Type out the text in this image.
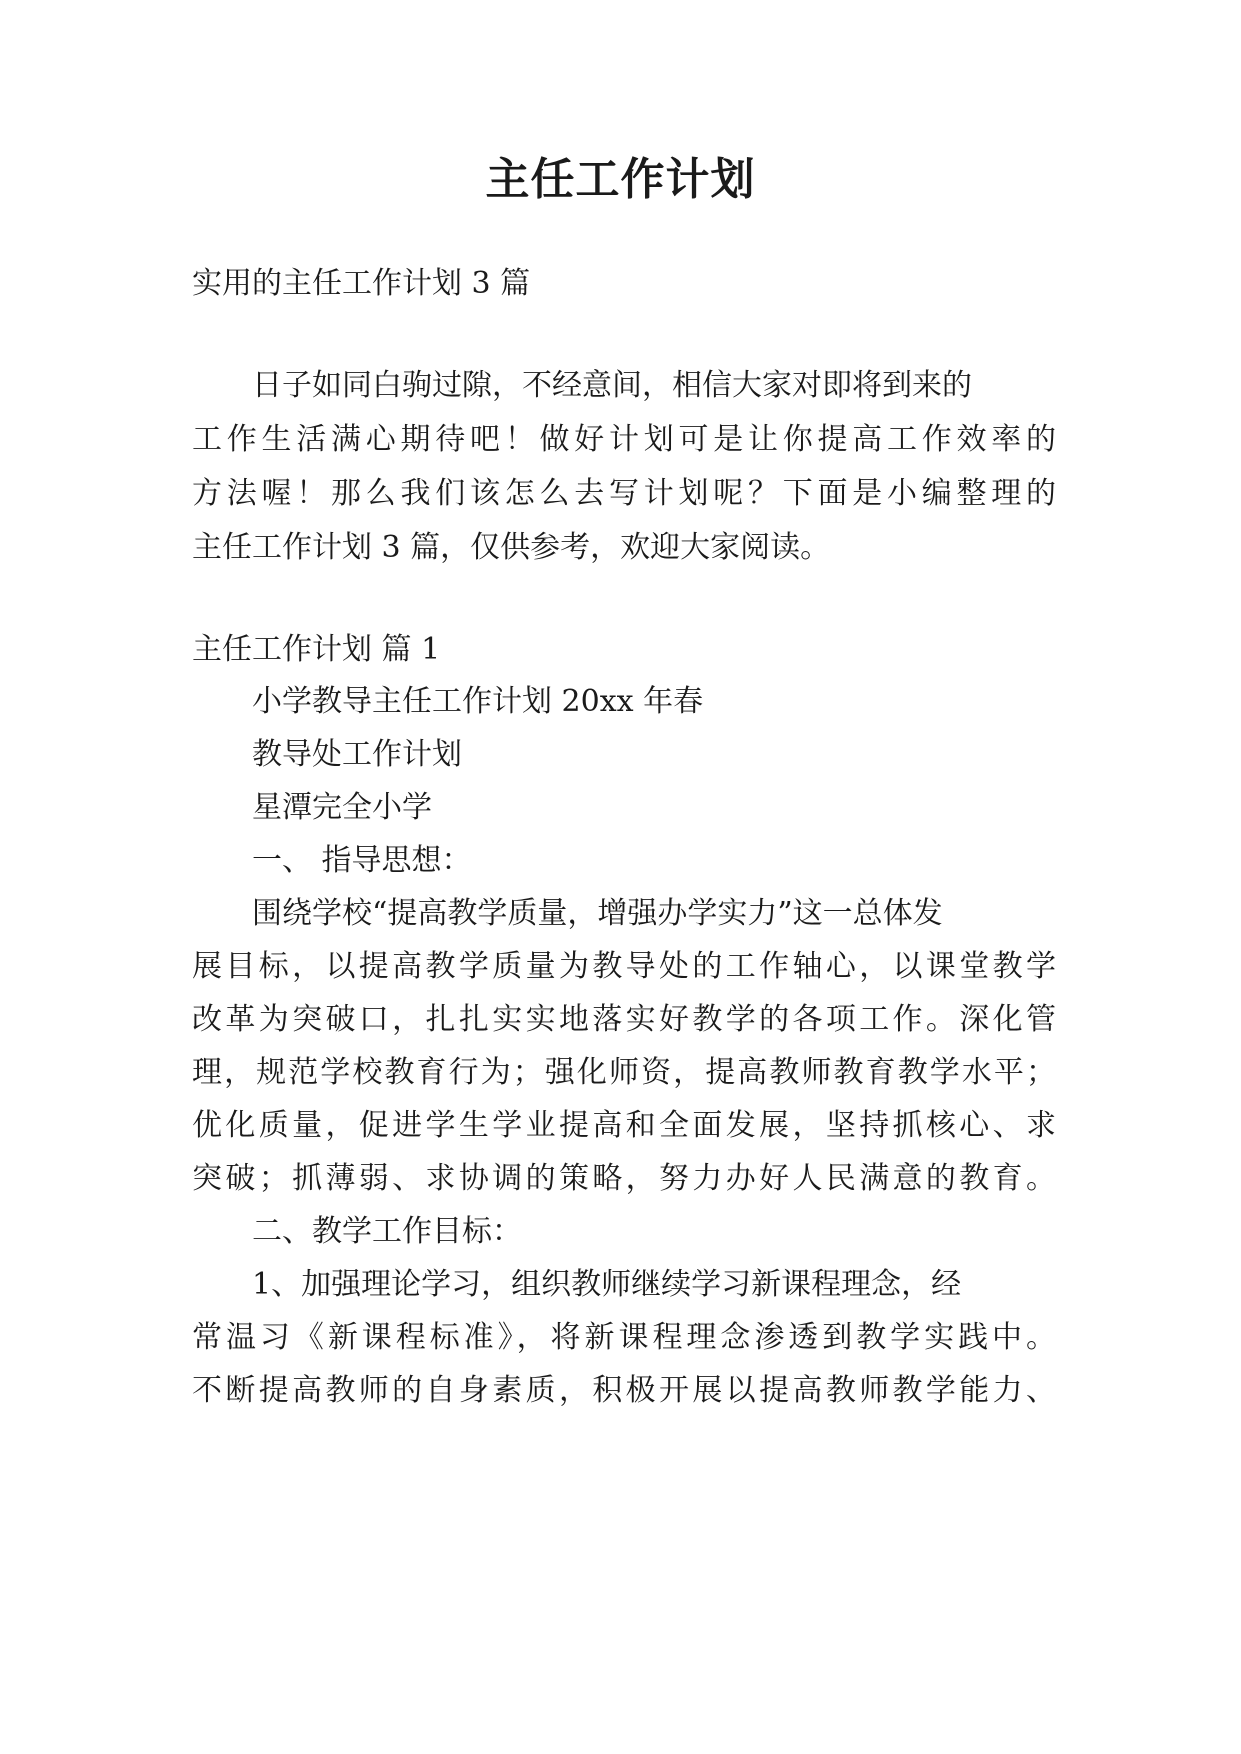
主任工作计划
实用的主任工作计划 3 篇
日子如同白驹过隙，不经意间，相信大家对即将到来的
工作生活满心期待吧！做好计划可是让你提高工作效率的
方法喔！那么我们该怎么去写计划呢？下面是小编整理的
主任工作计划 3 篇，仅供参考，欢迎大家阅读。
主任工作计划 篇 1
小学教导主任工作计划 20xx 年春
教导处工作计划
星潭完全小学
一、 指导思想：
围绕学校“提高教学质量，增强办学实力”这一总体发
展目标，以提高教学质量为教导处的工作轴心，以课堂教学
改革为突破口，扎扎实实地落实好教学的各项工作。深化管
理，规范学校教育行为；强化师资，提高教师教育教学水平；
优化质量，促进学生学业提高和全面发展，坚持抓核心、求
突破；抓薄弱、求协调的策略，努力办好人民满意的教育。
二、教学工作目标：
1、加强理论学习，组织教师继续学习新课程理念，经
常温习《新课程标准》，将新课程理念渗透到教学实践中。
不断提高教师的自身素质，积极开展以提高教师教学能力、
